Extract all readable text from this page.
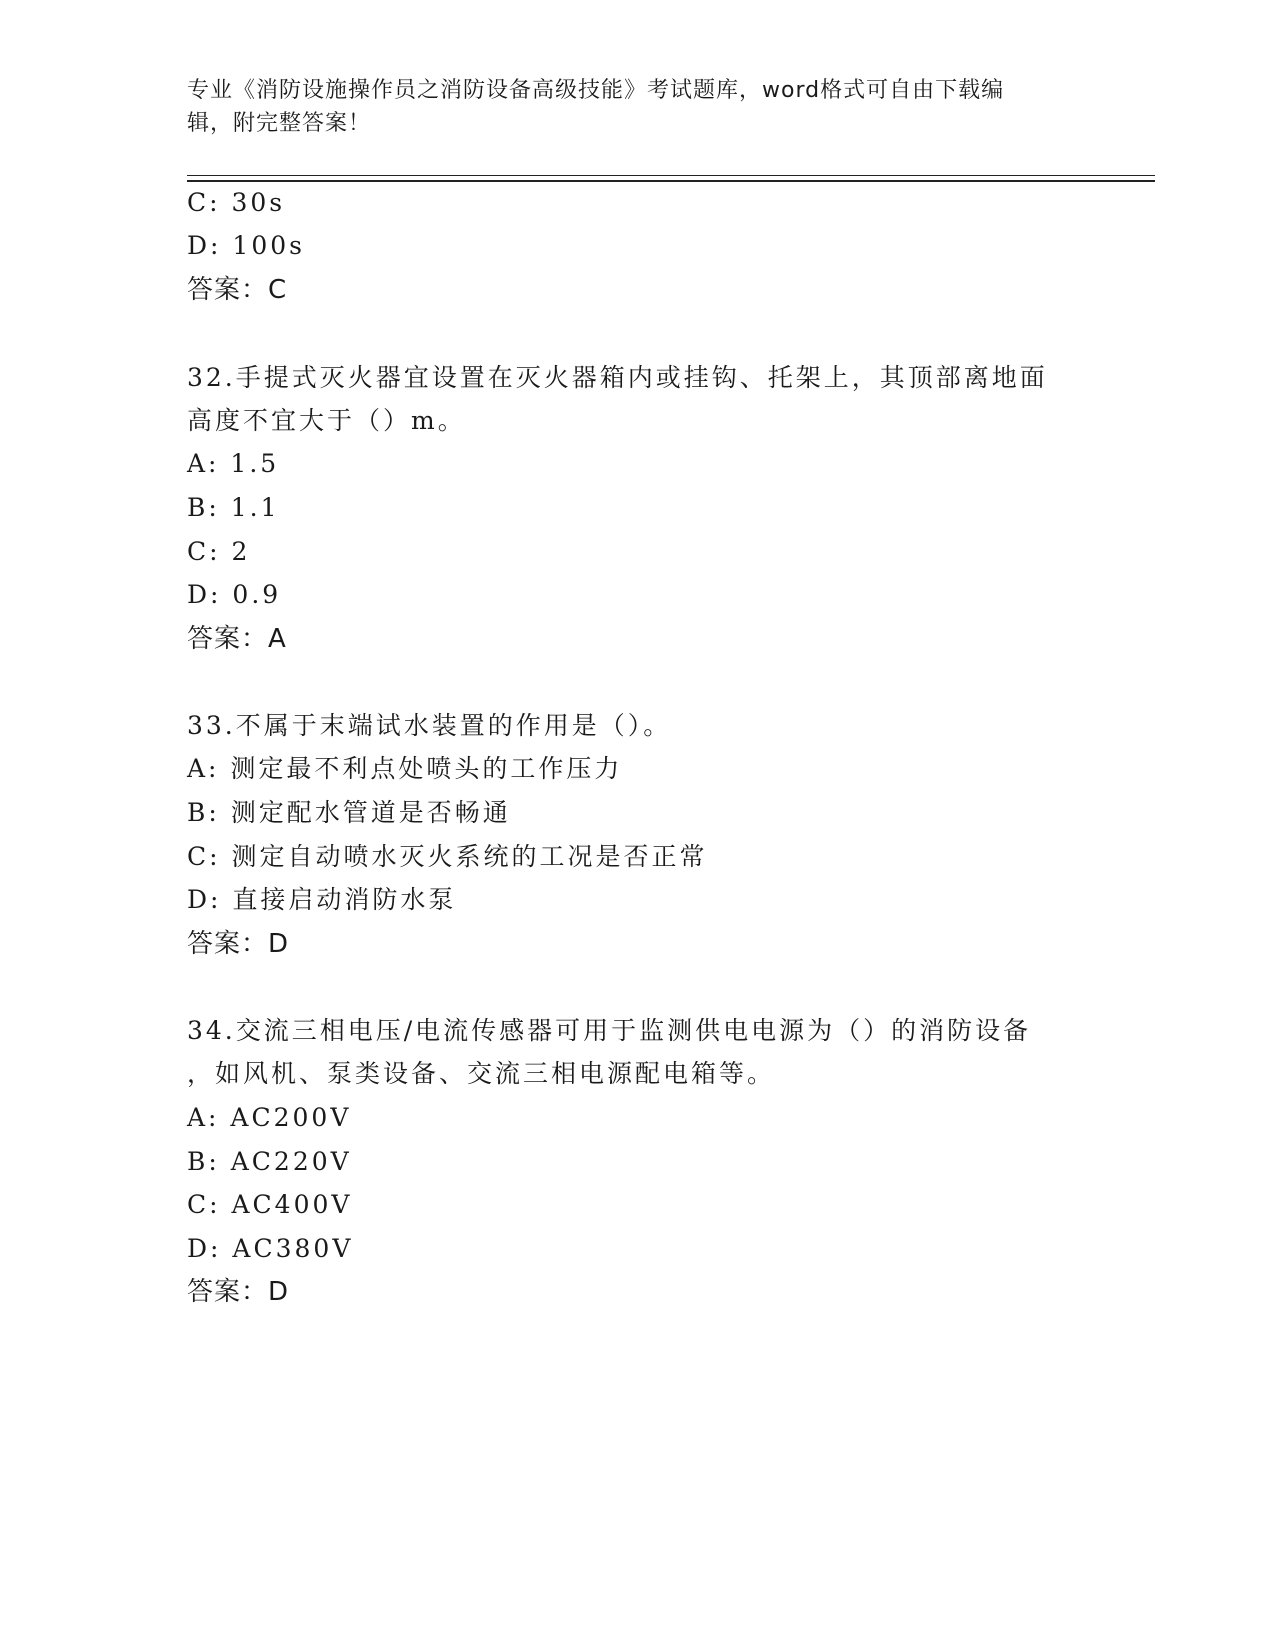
专业《消防设施操作员之消防设备高级技能》考试题库，word格式可自由下载编
辑，附完整答案！

C: 30s

D: 100s

答案：C

32.手提式灭火器宜设置在灭火器箱内或挂钩、托架上，其顶部离地面

高度不宜大于（）m。

A: 1.5

B: 1.1

C: 2

D: 0.9

答案：A

33.不属于末端试水装置的作用是（）。

A: 测定最不利点处喷头的工作压力

B: 测定配水管道是否畅通

C: 测定自动喷水灭火系统的工况是否正常

D: 直接启动消防水泵

答案：D

34.交流三相电压/电流传感器可用于监测供电电源为（）的消防设备

，如风机、泵类设备、交流三相电源配电箱等。

A: AC200V

B: AC220V

C: AC400V

D: AC380V

答案：D
